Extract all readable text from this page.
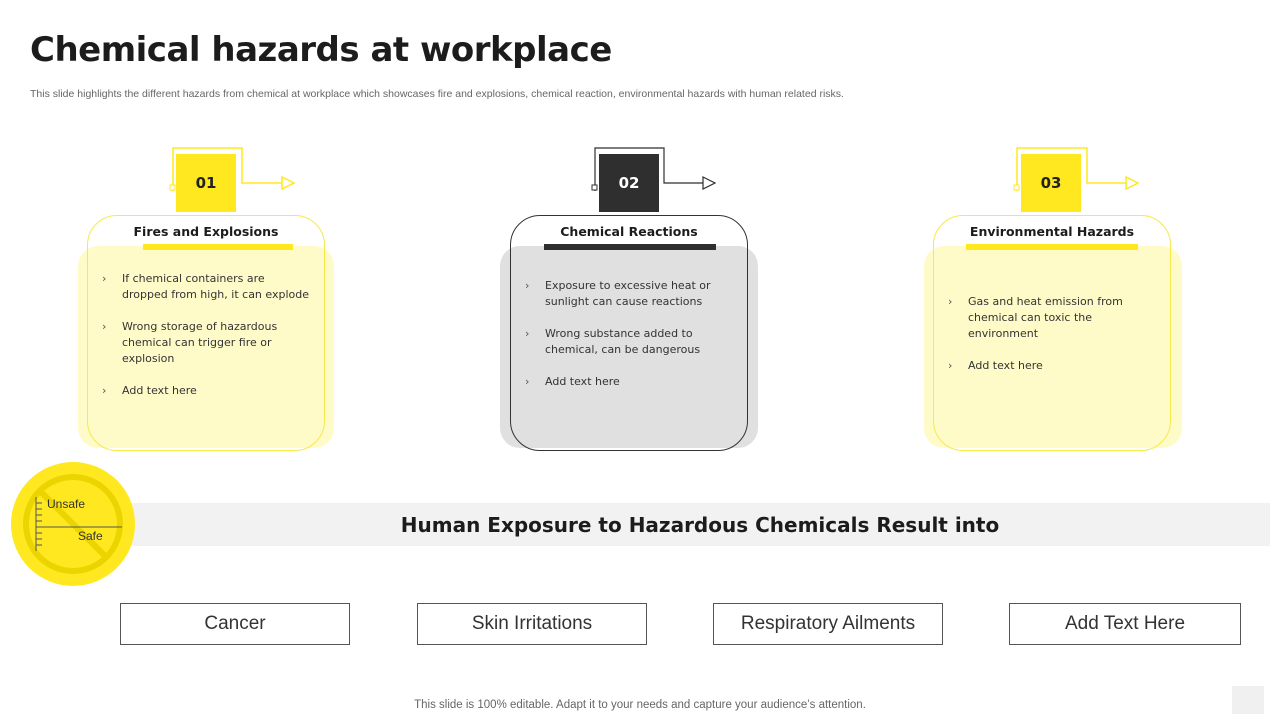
Chemical hazards at workplace
This slide highlights the different hazards from chemical at workplace which showcases fire and explosions, chemical reaction, environmental hazards with human related risks.
01
Fires and Explosions
› If chemical containers are dropped from high, it can explode
› Wrong storage of hazardous chemical can trigger fire or explosion
› Add text here
02
Chemical Reactions
› Exposure to excessive heat or sunlight can cause reactions
› Wrong substance added to chemical, can be dangerous
› Add text here
03
Environmental Hazards
› Gas and heat emission from chemical can toxic the environment
› Add text here
Human Exposure to Hazardous Chemicals Result into
Unsafe
Safe
Cancer	Skin Irritations	Respiratory Ailments	Add Text Here
This slide is 100% editable. Adapt it to your needs and capture your audience’s attention.
